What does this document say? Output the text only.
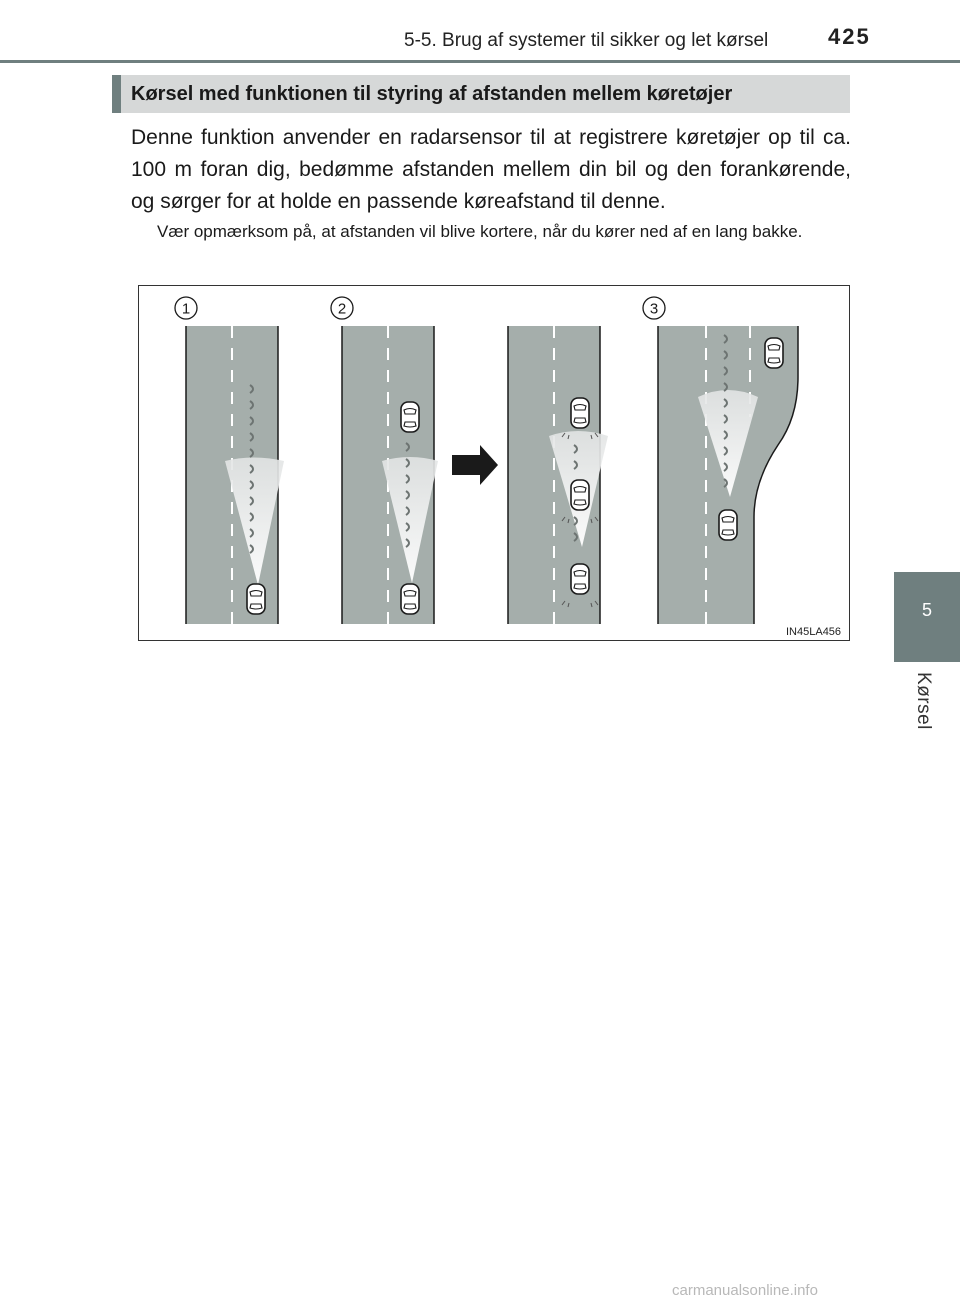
5-5. Brug af systemer til sikker og let kørsel	425
5
Kørsel
Kørsel med funktionen til styring af afstanden mellem køretøjer
Denne funktion anvender en radarsensor til at registrere køretøjer op til ca. 100 m foran dig, bedømme afstanden mellem din bil og den forankørende, og sørger for at holde en passende køreafstand til denne.
Vær opmærksom på, at afstanden vil blive kortere, når du kører ned af en lang bakke.
1	2	3
IN45LA456
carmanualsonline.info
